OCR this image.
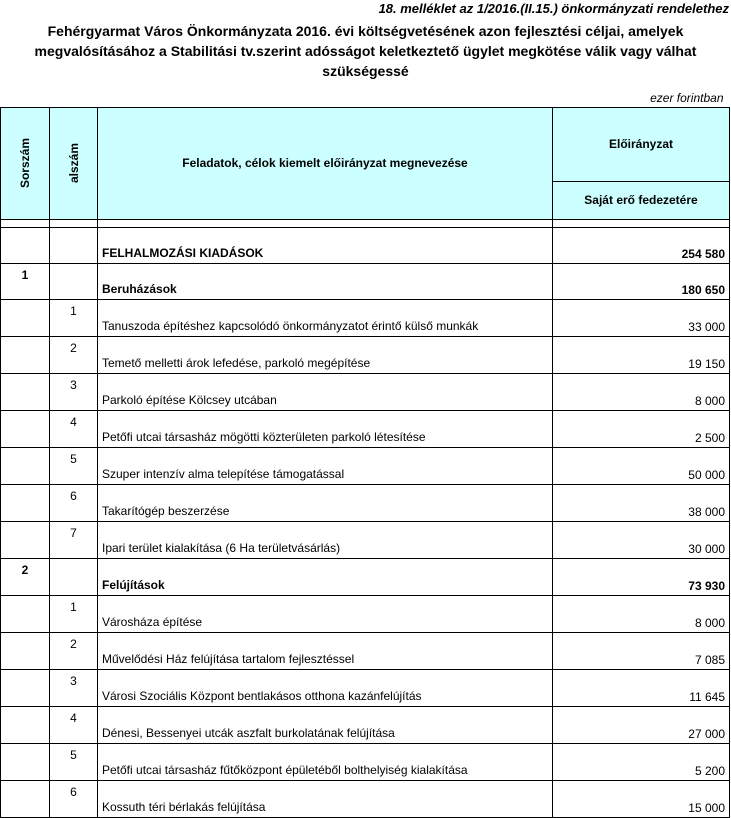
18. melléklet az 1/2016.(II.15.) önkormányzati rendelethez
Fehérgyarmat Város Önkormányzata 2016. évi költségvetésének azon fejlesztési céljai, amelyek megvalósításához a Stabilitási tv.szerint adósságot keletkeztető ügylet megkötése válik vagy válhat szükségessé
			ezer forintban

Sorszám	alszám	Feladatok, célok kiemelt előirányzat megnevezése	Előirányzat
			Saját erő fedezetére

		FELHALMOZÁSI KIADÁSOK	254 580
1		Beruházások	180 650
	1	Tanuszoda építéshez kapcsolódó önkormányzatot érintő külső munkák	33 000
	2	Temető melletti árok lefedése, parkoló megépítése	19 150
	3	Parkoló építése Kölcsey utcában	8 000
	4	Petőfi utcai társasház mögötti közterületen parkoló létesítése	2 500
	5	Szuper intenzív alma telepítése támogatással	50 000
	6	Takarítógép beszerzése	38 000
	7	Ipari terület kialakítása (6 Ha területvásárlás)	30 000
2		Felújítások	73 930
	1	Városháza építése	8 000
	2	Művelődési Ház felújítása tartalom fejlesztéssel	7 085
	3	Városi Szociális Központ bentlakásos otthona kazánfelújítás	11 645
	4	Dénesi, Bessenyei utcák aszfalt burkolatának felújítása	27 000
	5	Petőfi utcai társasház fűtőközpont épületéből bolthelyiség kialakítása	5 200
	6	Kossuth téri bérlakás felújítása	15 000
